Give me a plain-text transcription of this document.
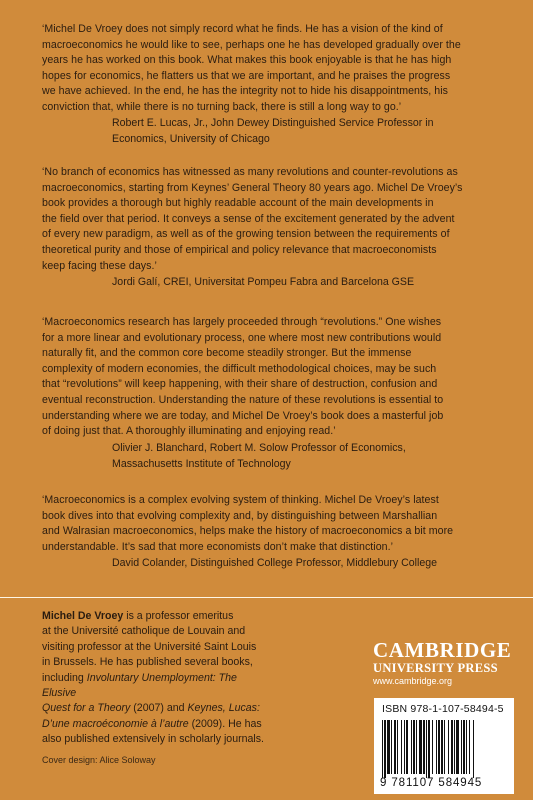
‘Michel De Vroey does not simply record what he finds. He has a vision of the kind of
macroeconomics he would like to see, perhaps one he has developed gradually over the
years he has worked on this book. What makes this book enjoyable is that he has high
hopes for economics, he flatters us that we are important, and he praises the progress
we have achieved. In the end, he has the integrity not to hide his disappointments, his
conviction that, while there is no turning back, there is still a long way to go.’
Robert E. Lucas, Jr., John Dewey Distinguished Service Professor in
Economics, University of Chicago
‘No branch of economics has witnessed as many revolutions and counter-revolutions as
macroeconomics, starting from Keynes’ General Theory 80 years ago. Michel De Vroey’s
book provides a thorough but highly readable account of the main developments in
the field over that period. It conveys a sense of the excitement generated by the advent
of every new paradigm, as well as of the growing tension between the requirements of
theoretical purity and those of empirical and policy relevance that macroeconomists
keep facing these days.’
Jordi Galí, CREI, Universitat Pompeu Fabra and Barcelona GSE
‘Macroeconomics research has largely proceeded through “revolutions.” One wishes
for a more linear and evolutionary process, one where most new contributions would
naturally fit, and the common core become steadily stronger. But the immense
complexity of modern economies, the difficult methodological choices, may be such
that “revolutions” will keep happening, with their share of destruction, confusion and
eventual reconstruction. Understanding the nature of these revolutions is essential to
understanding where we are today, and Michel De Vroey’s book does a masterful job
of doing just that. A thoroughly illuminating and enjoying read.’
Olivier J. Blanchard, Robert M. Solow Professor of Economics,
Massachusetts Institute of Technology
‘Macroeconomics is a complex evolving system of thinking. Michel De Vroey’s latest
book dives into that evolving complexity and, by distinguishing between Marshallian
and Walrasian macroeconomics, helps make the history of macroeconomics a bit more
understandable. It’s sad that more economists don’t make that distinction.’
David Colander, Distinguished College Professor, Middlebury College
Michel De Vroey is a professor emeritus
at the Université catholique de Louvain and
visiting professor at the Université Saint Louis
in Brussels. He has published several books,
including Involuntary Unemployment: The Elusive
Quest for a Theory (2007) and Keynes, Lucas:
D’une macroéconomie à l’autre (2009). He has
also published extensively in scholarly journals.
Cover design: Alice Soloway
CAMBRIDGE
UNIVERSITY PRESS
www.cambridge.org
ISBN 978-1-107-58494-5
9 781107 584945
